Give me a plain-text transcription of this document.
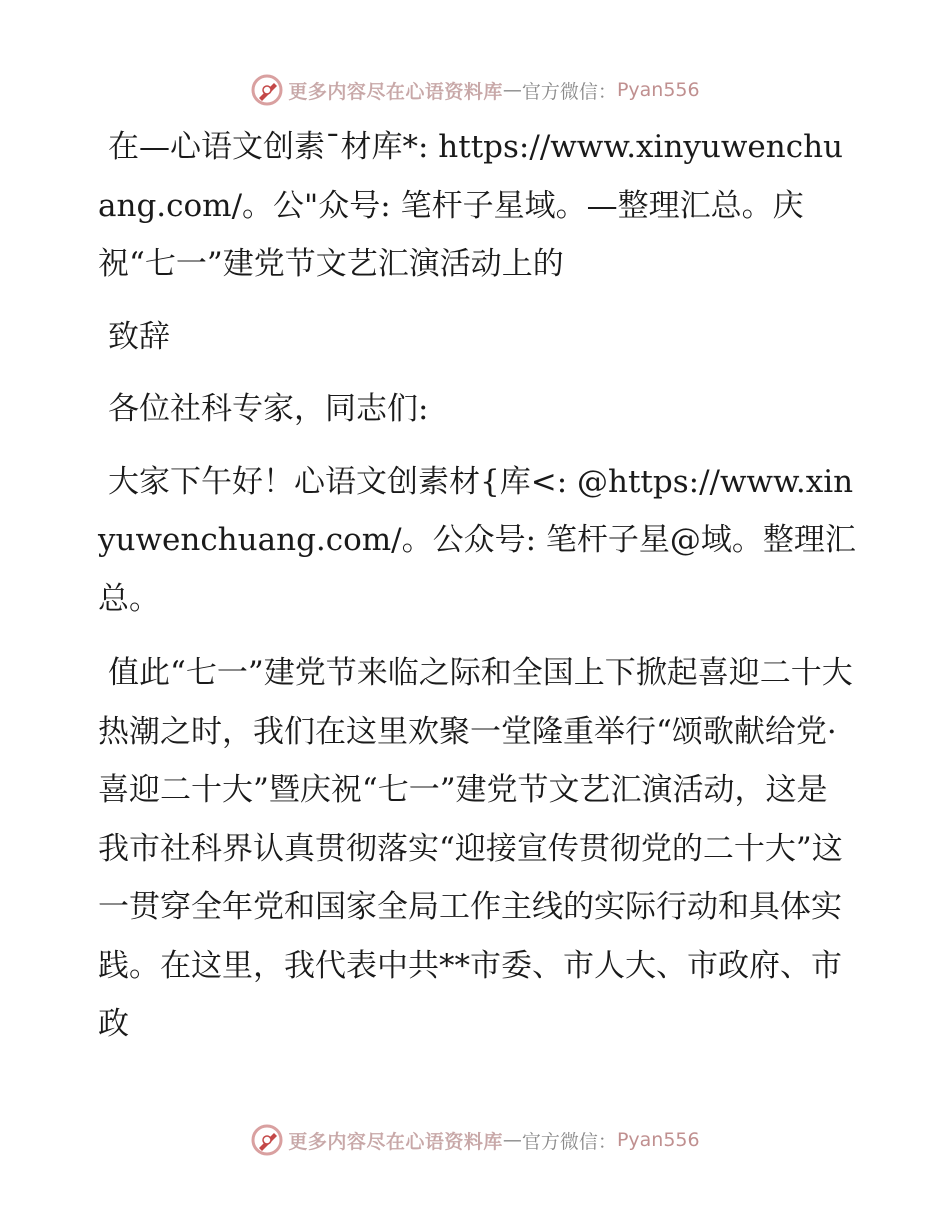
更多内容尽在心语资料库 — 官方微信： Pyan556

在—心语文创素¯材库*: https://www.xinyuwenchuang.com/。公"众号: 笔杆子星域。—整理汇总。庆祝“七一”建党节文艺汇演活动上的

致辞

各位社科专家，同志们:

大家下午好！心语文创素材{库<: @https://www.xinyuwenchuang.com/。公众号: 笔杆子星@域。整理汇总。

值此“七一”建党节来临之际和全国上下掀起喜迎二十大热潮之时，我们在这里欢聚一堂隆重举行“颂歌献给党·喜迎二十大”暨庆祝“七一”建党节文艺汇演活动，这是我市社科界认真贯彻落实“迎接宣传贯彻党的二十大”这一贯穿全年党和国家全局工作主线的实际行动和具体实践。在这里，我代表中共**市委、市人大、市政府、市政

更多内容尽在心语资料库 — 官方微信： Pyan556
